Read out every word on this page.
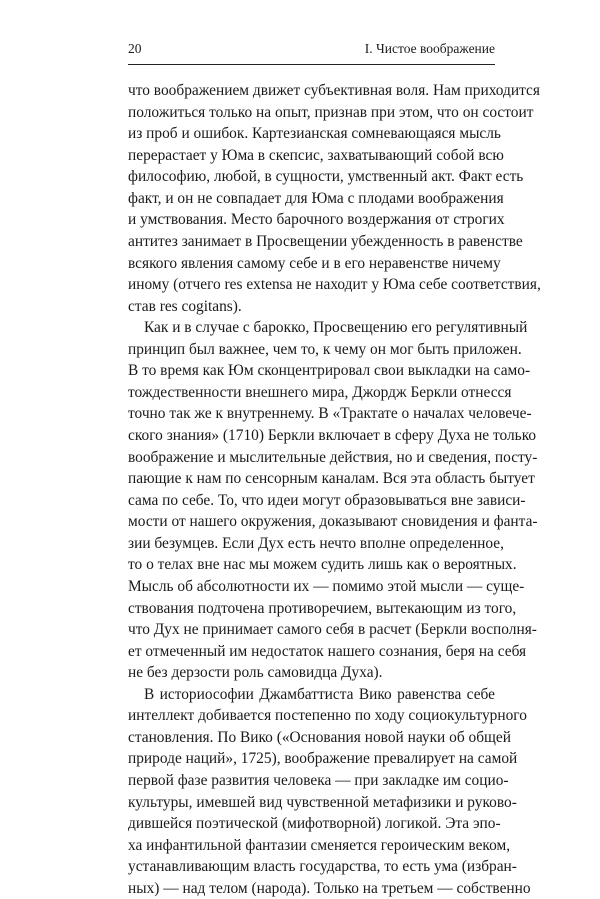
20	I. Чистое воображение
что воображением движет субъективная воля. Нам приходится
положиться только на опыт, признав при этом, что он состоит
из проб и ошибок. Картезианская сомневающаяся мысль
перерастает у Юма в скепсис, захватывающий собой всю
философию, любой, в сущности, умственный акт. Факт есть
факт, и он не совпадает для Юма с плодами воображения
и умствования. Место барочного воздержания от строгих
антитез занимает в Просвещении убежденность в равенстве
всякого явления самому себе и в его неравенстве ничему
иному (отчего res extensa не находит у Юма себе соответствия,
став res cogitans).
Как и в случае с барокко, Просвещению его регулятивный
принцип был важнее, чем то, к чему он мог быть приложен.
В то время как Юм сконцентрировал свои выкладки на само-
тождественности внешнего мира, Джордж Беркли отнесся
точно так же к внутреннему. В «Трактате о началах человече-
ского знания» (1710) Беркли включает в сферу Духа не только
воображение и мыслительные действия, но и сведения, посту-
пающие к нам по сенсорным каналам. Вся эта область бытует
сама по себе. То, что идеи могут образовываться вне зависи-
мости от нашего окружения, доказывают сновидения и фанта-
зии безумцев. Если Дух есть нечто вполне определенное,
то о телах вне нас мы можем судить лишь как о вероятных.
Мысль об абсолютности их — помимо этой мысли — суще-
ствования подточена противоречием, вытекающим из того,
что Дух не принимает самого себя в расчет (Беркли восполня-
ет отмеченный им недостаток нашего сознания, беря на себя
не без дерзости роль самовидца Духа).
В историософии Джамбаттиста Вико равенства себе
интеллект добивается постепенно по ходу социокультурного
становления. По Вико («Основания новой науки об общей
природе наций», 1725), воображение превалирует на самой
первой фазе развития человека — при закладке им социо-
культуры, имевшей вид чувственной метафизики и руково-
дившейся поэтической (мифотворной) логикой. Эта эпо-
ха инфантильной фантазии сменяется героическим веком,
устанавливающим власть государства, то есть ума (избран-
ных) — над телом (народа). Только на третьем — собственно
